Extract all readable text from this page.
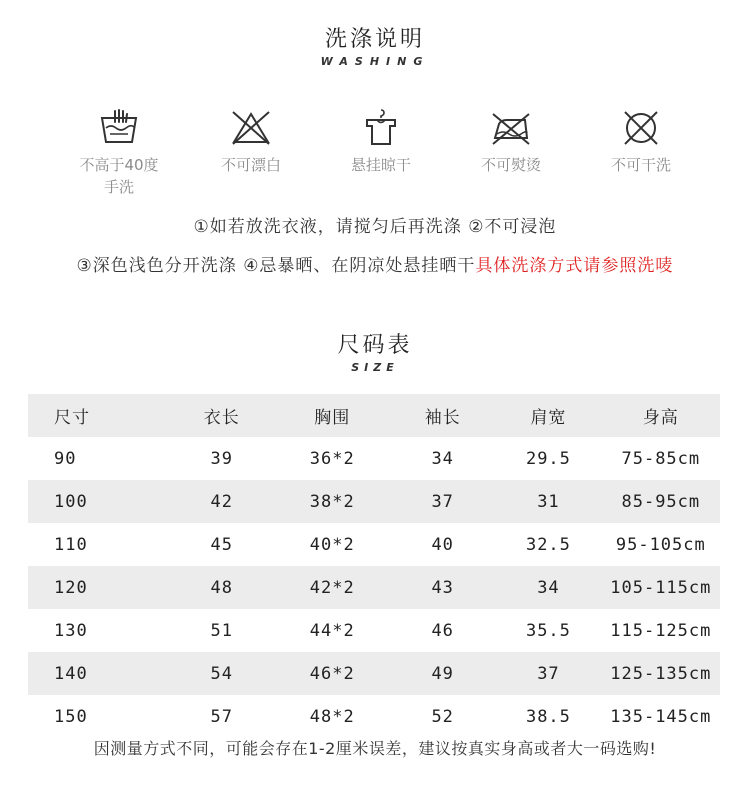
洗涤说明
WASHING
不高于40度
手洗
不可漂白	悬挂晾干	不可熨烫	不可干洗
①如若放洗衣液，请搅匀后再洗涤 ②不可浸泡
③深色浅色分开洗涤 ④忌暴晒、在阴凉处悬挂晒干具体洗涤方式请参照洗唛
尺码表
SIZE
尺寸	衣长	胸围	袖长	肩宽	身高
90	39	36*2	34	29.5	75-85cm
100	42	38*2	37	31	85-95cm
110	45	40*2	40	32.5	95-105cm
120	48	42*2	43	34	105-115cm
130	51	44*2	46	35.5	115-125cm
140	54	46*2	49	37	125-135cm
150	57	48*2	52	38.5	135-145cm
因测量方式不同，可能会存在1-2厘米误差，建议按真实身高或者大一码选购!
